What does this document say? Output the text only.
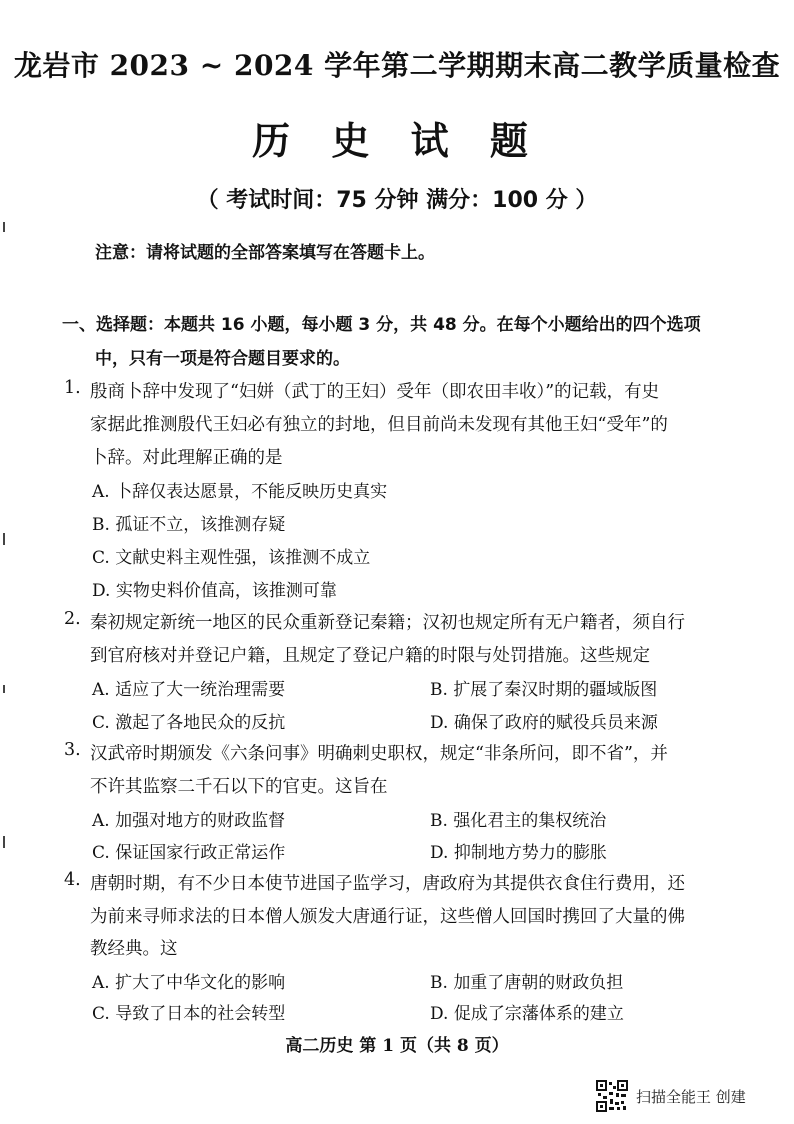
龙岩市 2023 ~ 2024 学年第二学期期末高二教学质量检查
历 史 试 题
（ 考试时间：75 分钟 满分：100 分 ）
注意：请将试题的全部答案填写在答题卡上。
一、选择题：本题共 16 小题，每小题 3 分，共 48 分。在每个小题给出的四个选项
中，只有一项是符合题目要求的。
1. 殷商卜辞中发现了“妇姘（武丁的王妇）受年（即农田丰收）”的记载，有史
家据此推测殷代王妇必有独立的封地，但目前尚未发现有其他王妇“受年”的
卜辞。对此理解正确的是
A. 卜辞仅表达愿景，不能反映历史真实
B. 孤证不立，该推测存疑
C. 文献史料主观性强，该推测不成立
D. 实物史料价值高，该推测可靠
2. 秦初规定新统一地区的民众重新登记秦籍；汉初也规定所有无户籍者，须自行
到官府核对并登记户籍，且规定了登记户籍的时限与处罚措施。这些规定
A. 适应了大一统治理需要	B. 扩展了秦汉时期的疆域版图
C. 激起了各地民众的反抗	D. 确保了政府的赋役兵员来源
3. 汉武帝时期颁发《六条问事》明确刺史职权，规定“非条所问，即不省”，并
不许其监察二千石以下的官吏。这旨在
A. 加强对地方的财政监督	B. 强化君主的集权统治
C. 保证国家行政正常运作	D. 抑制地方势力的膨胀
4. 唐朝时期，有不少日本使节进国子监学习，唐政府为其提供衣食住行费用，还
为前来寻师求法的日本僧人颁发大唐通行证，这些僧人回国时携回了大量的佛
教经典。这
A. 扩大了中华文化的影响	B. 加重了唐朝的财政负担
C. 导致了日本的社会转型	D. 促成了宗藩体系的建立
高二历史 第 1 页（共 8 页）
扫描全能王 创建
